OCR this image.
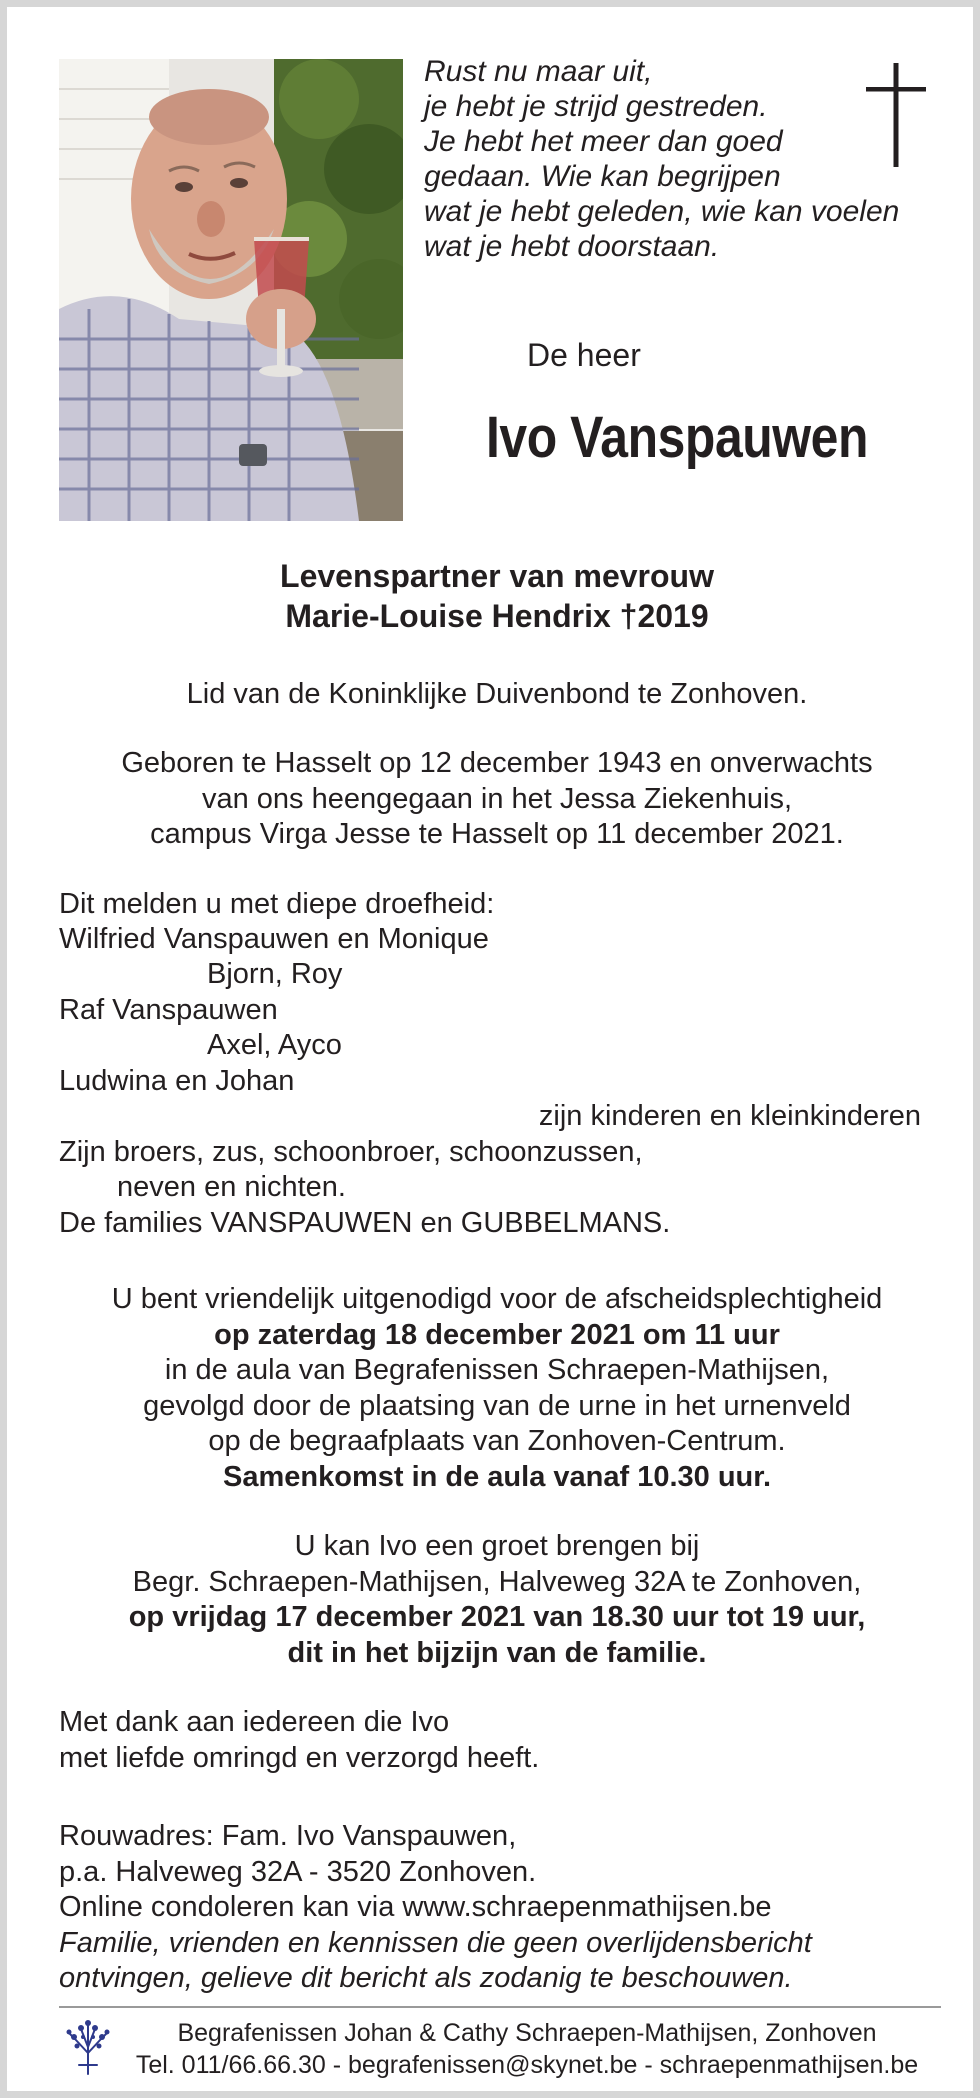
Rust nu maar uit,
je hebt je strijd gestreden.
Je hebt het meer dan goed
gedaan. Wie kan begrijpen
wat je hebt geleden, wie kan voelen
wat je hebt doorstaan.
De heer
Ivo Vanspauwen
Levenspartner van mevrouw
Marie-Louise Hendrix †2019
Lid van de Koninklijke Duivenbond te Zonhoven.
Geboren te Hasselt op 12 december 1943 en onverwachts
van ons heengegaan in het Jessa Ziekenhuis,
campus Virga Jesse te Hasselt op 11 december 2021.
Dit melden u met diepe droefheid:
Wilfried Vanspauwen en Monique
Bjorn, Roy
Raf Vanspauwen
Axel, Ayco
Ludwina en Johan
zijn kinderen en kleinkinderen
Zijn broers, zus, schoonbroer, schoonzussen,
neven en nichten.
De families VANSPAUWEN en GUBBELMANS.
U bent vriendelijk uitgenodigd voor de afscheidsplechtigheid
op zaterdag 18 december 2021 om 11 uur
in de aula van Begrafenissen Schraepen-Mathijsen,
gevolgd door de plaatsing van de urne in het urnenveld
op de begraafplaats van Zonhoven-Centrum.
Samenkomst in de aula vanaf 10.30 uur.
U kan Ivo een groet brengen bij
Begr. Schraepen-Mathijsen, Halveweg 32A te Zonhoven,
op vrijdag 17 december 2021 van 18.30 uur tot 19 uur,
dit in het bijzijn van de familie.
Met dank aan iedereen die Ivo
met liefde omringd en verzorgd heeft.
Rouwadres: Fam. Ivo Vanspauwen,
p.a. Halveweg 32A - 3520 Zonhoven.
Online condoleren kan via www.schraepenmathijsen.be
Familie, vrienden en kennissen die geen overlijdensbericht
ontvingen, gelieve dit bericht als zodanig te beschouwen.
Begrafenissen Johan & Cathy Schraepen-Mathijsen, Zonhoven
Tel. 011/66.66.30 - begrafenissen@skynet.be - schraepenmathijsen.be
